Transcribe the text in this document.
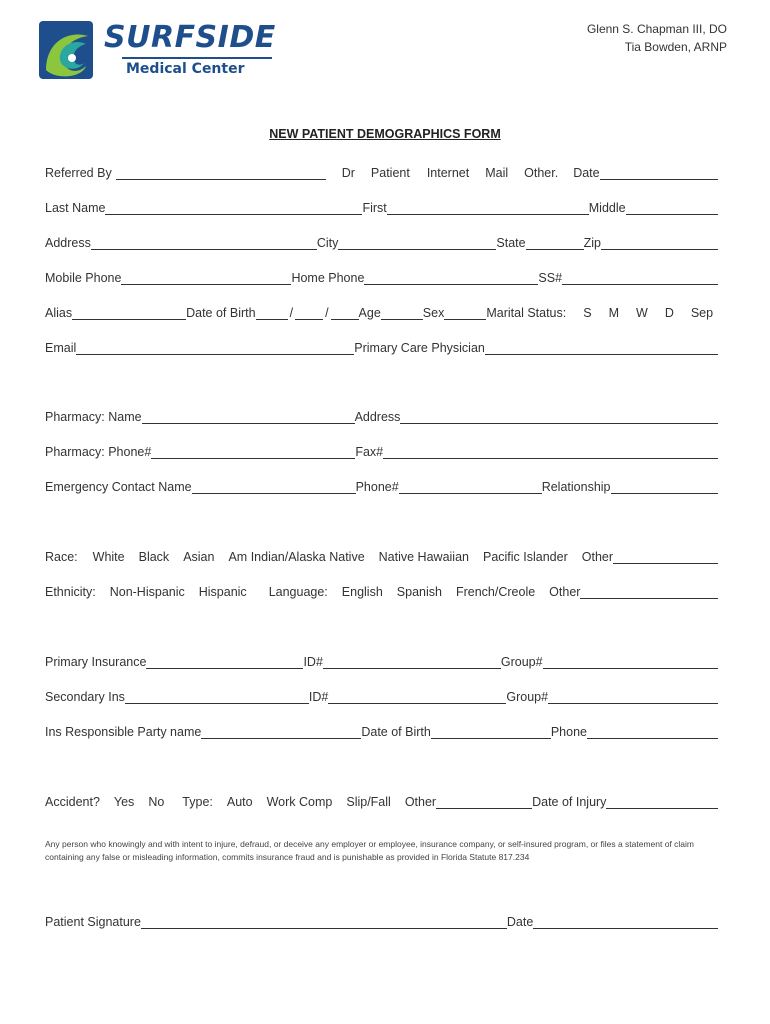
SURFSIDE
Medical Center
Glenn S. Chapman III, DO
Tia Bowden, ARNP
NEW PATIENT DEMOGRAPHICS FORM
Referred By	Dr Patient Internet Mail Other. Date
Last Name	First	Middle
Address	City	State	Zip
Mobile Phone	Home Phone	SS#
Alias	Date of Birth	/	/ Age	Sex	Marital Status: S M W D Sep
Email	Primary Care Physician
Pharmacy: Name	Address
Pharmacy: Phone#	Fax#
Emergency Contact Name	Phone#	Relationship
Race: White Black Asian Am Indian/Alaska Native Native Hawaiian Pacific Islander Other
Ethnicity: Non-Hispanic Hispanic Language: English Spanish French/Creole Other
Primary Insurance	ID#	Group#
Secondary Ins	ID#	Group#
Ins Responsible Party name	Date of Birth	Phone
Accident? Yes No Type: Auto Work Comp Slip/Fall Other	Date of Injury
Any person who knowingly and with intent to injure, defraud, or deceive any employer or employee, insurance company, or self-insured program, or files a statement of claim containing any false or misleading information, commits insurance fraud and is punishable as provided in Florida Statute 817.234
Patient Signature	Date
